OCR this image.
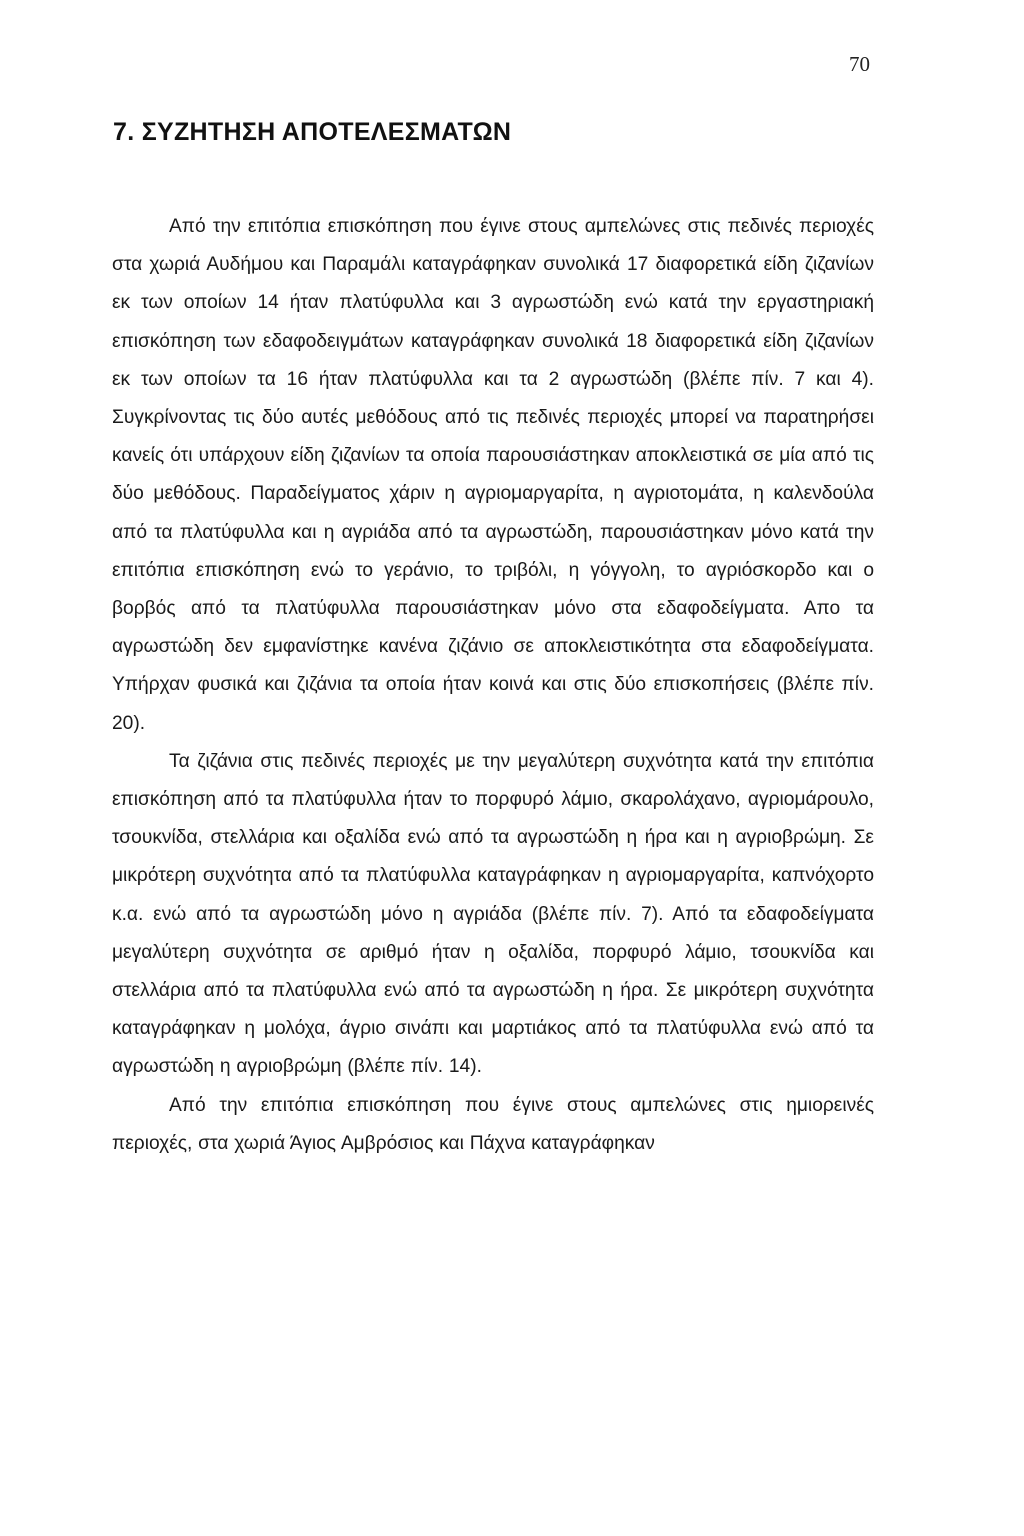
70
7. ΣΥΖΗΤΗΣΗ ΑΠΟΤΕΛΕΣΜΑΤΩΝ

Από την επιτόπια επισκόπηση που έγινε στους αμπελώνες στις πεδινές περιοχές στα χωριά Αυδήμου και Παραμάλι καταγράφηκαν συνολικά 17 διαφορετικά είδη ζιζανίων εκ των οποίων 14 ήταν πλατύφυλλα και 3 αγρωστώδη ενώ κατά την εργαστηριακή επισκόπηση των εδαφοδειγμάτων καταγράφηκαν συνολικά 18 διαφορετικά είδη ζιζανίων εκ των οποίων τα 16 ήταν πλατύφυλλα και τα 2 αγρωστώδη (βλέπε πίν. 7 και 4). Συγκρίνοντας τις δύο αυτές μεθόδους από τις πεδινές περιοχές μπορεί να παρατηρήσει κανείς ότι υπάρχουν είδη ζιζανίων τα οποία παρουσιάστηκαν αποκλειστικά σε μία από τις δύο μεθόδους. Παραδείγματος χάριν η αγριομαργαρίτα, η αγριοτομάτα, η καλενδούλα από τα πλατύφυλλα και η αγριάδα από τα αγρωστώδη, παρουσιάστηκαν μόνο κατά την επιτόπια επισκόπηση ενώ το γεράνιο, το τριβόλι, η γόγγολη, το αγριόσκορδο και ο βορβός από τα πλατύφυλλα παρουσιάστηκαν μόνο στα εδαφοδείγματα. Απο τα αγρωστώδη δεν εμφανίστηκε κανένα ζιζάνιο σε αποκλειστικότητα στα εδαφοδείγματα. Υπήρχαν φυσικά και ζιζάνια τα οποία ήταν κοινά και στις δύο επισκοπήσεις (βλέπε πίν. 20).

Τα ζιζάνια στις πεδινές περιοχές με την μεγαλύτερη συχνότητα κατά την επιτόπια επισκόπηση από τα πλατύφυλλα ήταν το πορφυρό λάμιο, σκαρολάχανο, αγριομάρουλο, τσουκνίδα, στελλάρια και οξαλίδα ενώ από τα αγρωστώδη η ήρα και η αγριοβρώμη. Σε μικρότερη συχνότητα από τα πλατύφυλλα καταγράφηκαν η αγριομαργαρίτα, καπνόχορτο κ.α. ενώ από τα αγρωστώδη μόνο η αγριάδα (βλέπε πίν. 7). Από τα εδαφοδείγματα μεγαλύτερη συχνότητα σε αριθμό ήταν η οξαλίδα, πορφυρό λάμιο, τσουκνίδα και στελλάρια από τα πλατύφυλλα ενώ από τα αγρωστώδη η ήρα. Σε μικρότερη συχνότητα καταγράφηκαν η μολόχα, άγριο σινάπι και μαρτιάκος από τα πλατύφυλλα ενώ από τα αγρωστώδη η αγριοβρώμη (βλέπε πίν. 14).

Από την επιτόπια επισκόπηση που έγινε στους αμπελώνες στις ημιορεινές περιοχές, στα χωριά Άγιος Αμβρόσιος και Πάχνα καταγράφηκαν
